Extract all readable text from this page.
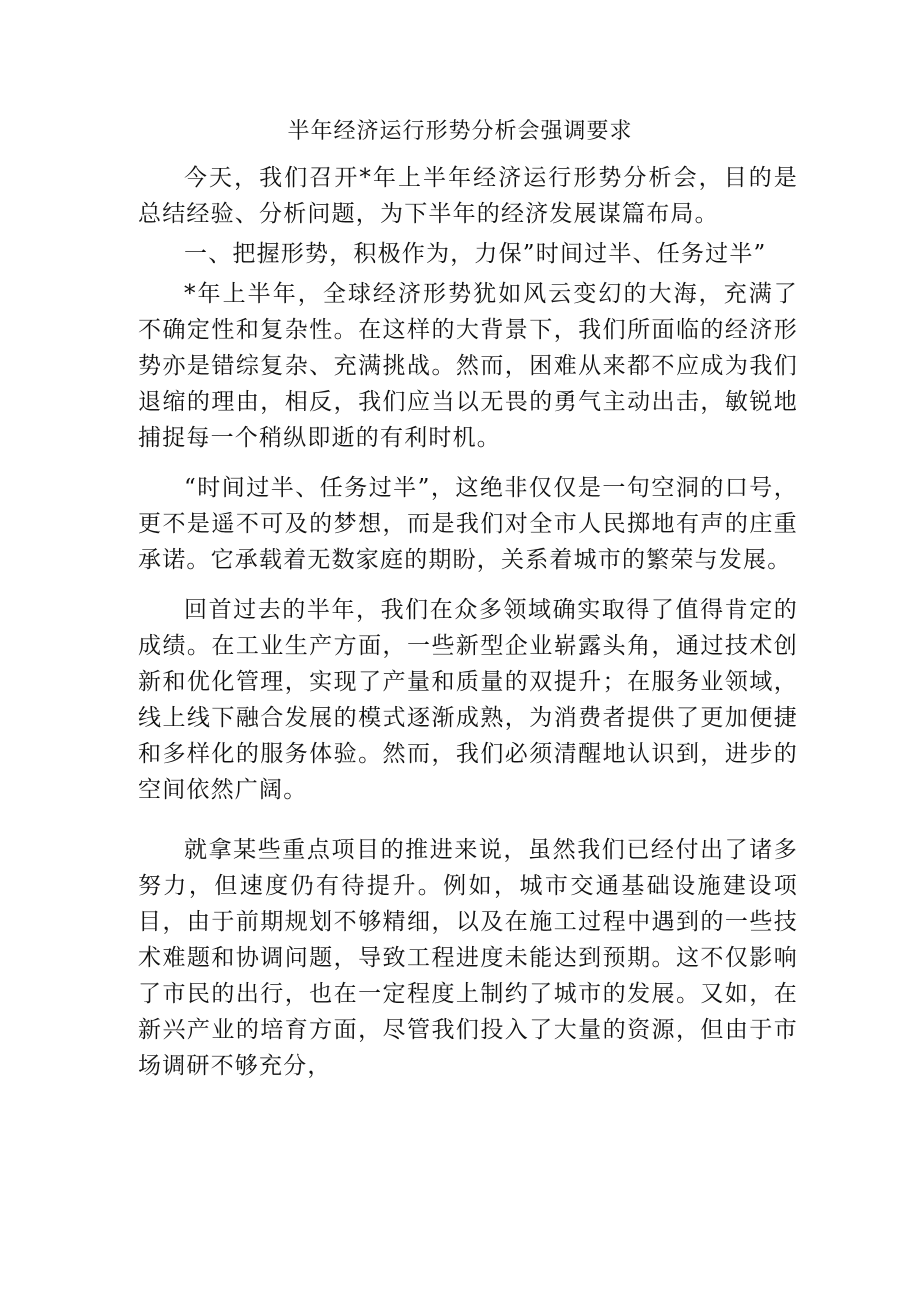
半年经济运行形势分析会强调要求

今天，我们召开*年上半年经济运行形势分析会，目的是总结经验、分析问题，为下半年的经济发展谋篇布局。

一、把握形势，积极作为，力保”时间过半、任务过半”

*年上半年，全球经济形势犹如风云变幻的大海，充满了不确定性和复杂性。在这样的大背景下，我们所面临的经济形势亦是错综复杂、充满挑战。然而，困难从来都不应成为我们退缩的理由，相反，我们应当以无畏的勇气主动出击，敏锐地捕捉每一个稍纵即逝的有利时机。

“时间过半、任务过半”，这绝非仅仅是一句空洞的口号，更不是遥不可及的梦想，而是我们对全市人民掷地有声的庄重承诺。它承载着无数家庭的期盼，关系着城市的繁荣与发展。

回首过去的半年，我们在众多领域确实取得了值得肯定的成绩。在工业生产方面，一些新型企业崭露头角，通过技术创新和优化管理，实现了产量和质量的双提升；在服务业领域，线上线下融合发展的模式逐渐成熟，为消费者提供了更加便捷和多样化的服务体验。然而，我们必须清醒地认识到，进步的空间依然广阔。

就拿某些重点项目的推进来说，虽然我们已经付出了诸多努力，但速度仍有待提升。例如，城市交通基础设施建设项目，由于前期规划不够精细，以及在施工过程中遇到的一些技术难题和协调问题，导致工程进度未能达到预期。这不仅影响了市民的出行，也在一定程度上制约了城市的发展。又如，在新兴产业的培育方面，尽管我们投入了大量的资源，但由于市场调研不够充分，
